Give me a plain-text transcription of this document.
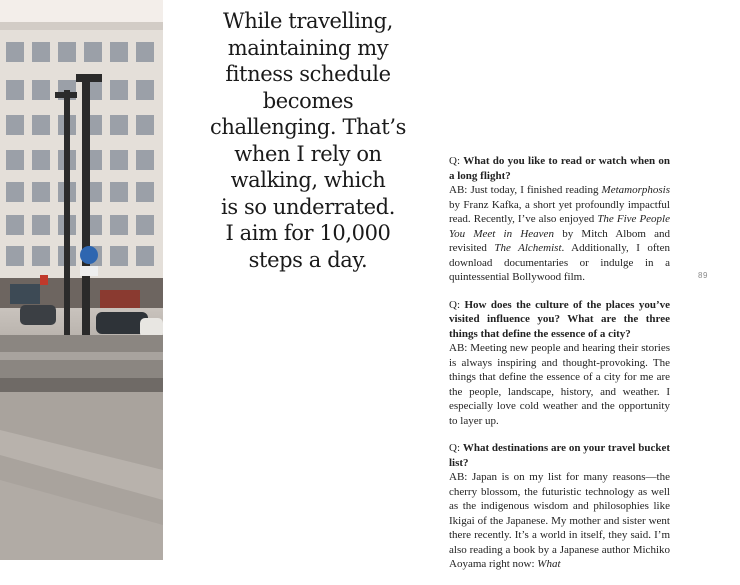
While travelling,
maintaining my
fitness schedule
becomes
challenging. That’s
when I rely on
walking, which
is so underrated.
I aim for 10,000
steps a day.

Q: What do you like to read or watch when on a long flight?

AB: Just today, I finished reading Metamorphosis by Franz Kafka, a short yet profoundly impactful read. Recently, I’ve also enjoyed The Five People You Meet in Heaven by Mitch Albom and revisited The Alchemist. Additionally, I often download documentaries or indulge in a quintessential Bollywood film.

Q: How does the culture of the places you’ve visited influence you? What are the three things that define the essence of a city?

AB: Meeting new people and hearing their stories is always inspiring and thought-provoking. The things that define the essence of a city for me are the people, landscape, history, and weather. I especially love cold weather and the opportunity to layer up.

Q: What destinations are on your travel bucket list?

AB: Japan is on my list for many reasons—the cherry blossom, the futuristic technology as well as the indigenous wisdom and philosophies like Ikigai of the Japanese. My mother and sister went there recently. It’s a world in itself, they said. I’m also reading a book by a Japanese author Michiko Aoyama right now: What

89
